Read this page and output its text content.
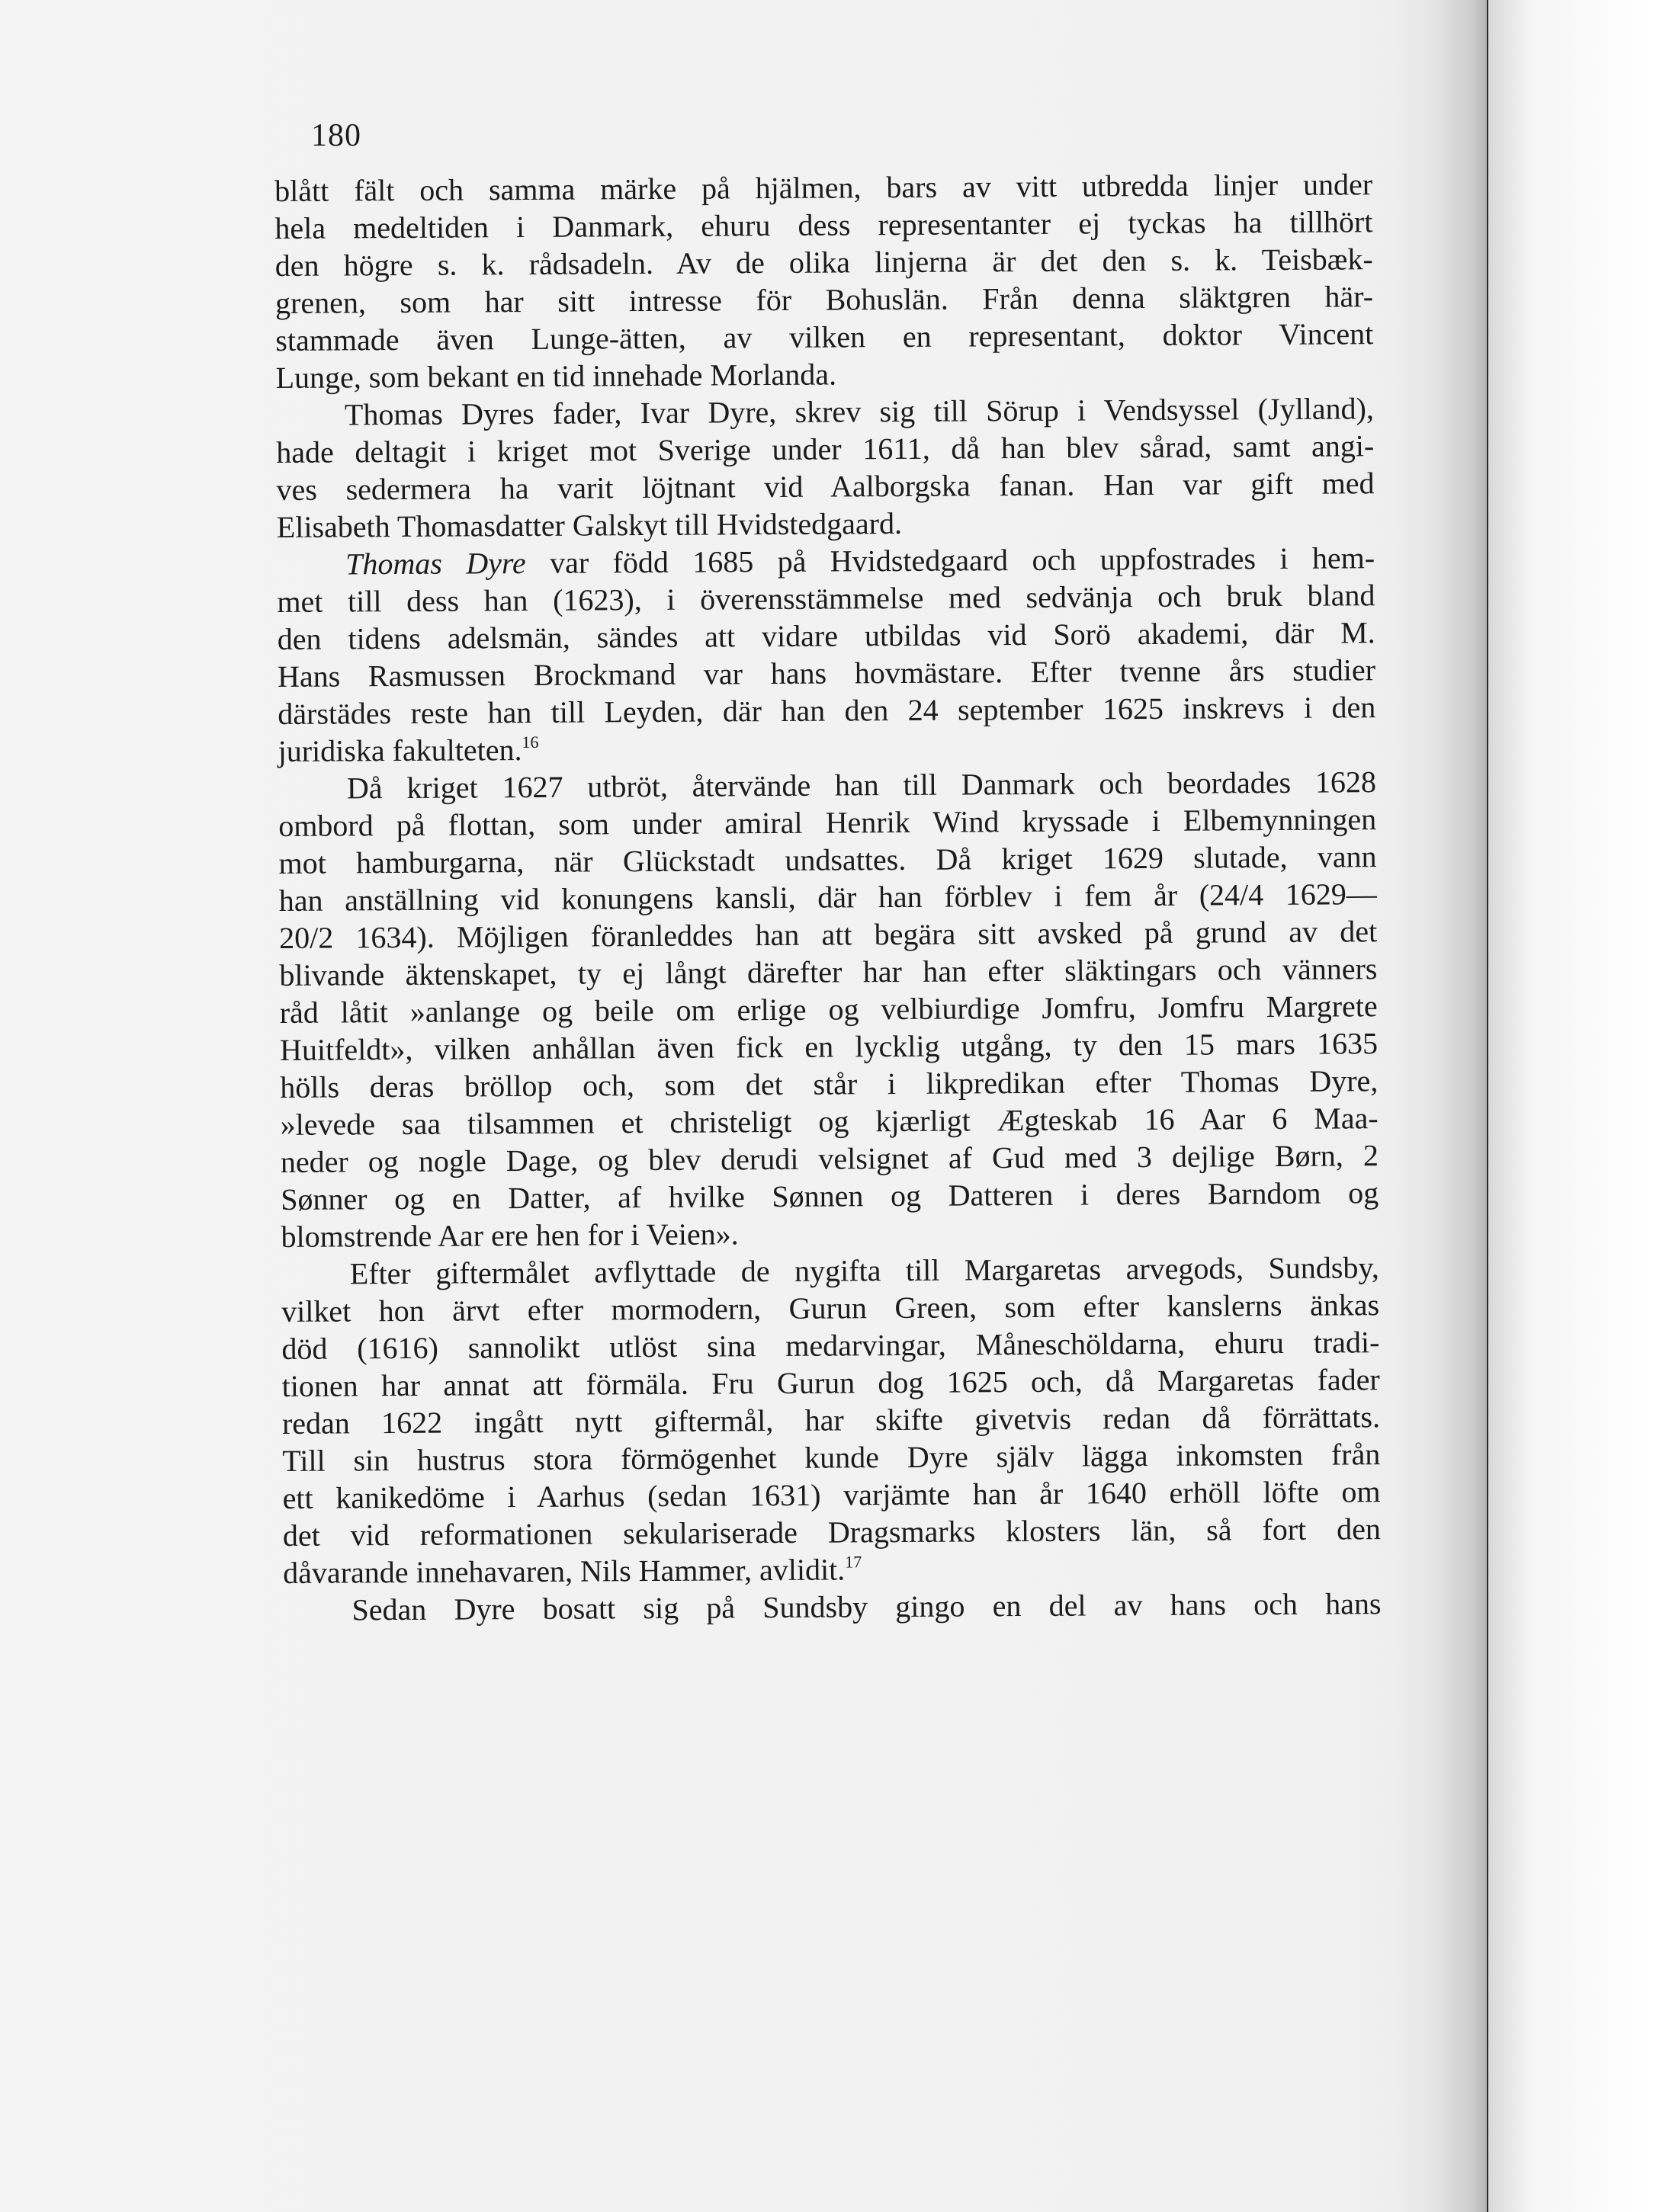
180
blått fält och samma märke på hjälmen, bars av vitt utbredda linjer under
hela medeltiden i Danmark, ehuru dess representanter ej tyckas ha tillhört
den högre s. k. rådsadeln. Av de olika linjerna är det den s. k. Teisbæk-
grenen, som har sitt intresse för Bohuslän. Från denna släktgren här-
stammade även Lunge-ätten, av vilken en representant, doktor Vincent
Lunge, som bekant en tid innehade Morlanda.
Thomas Dyres fader, Ivar Dyre, skrev sig till Sörup i Vendsyssel (Jylland),
hade deltagit i kriget mot Sverige under 1611, då han blev sårad, samt angi-
ves sedermera ha varit löjtnant vid Aalborgska fanan. Han var gift med
Elisabeth Thomasdatter Galskyt till Hvidstedgaard.
Thomas Dyre var född 1685 på Hvidstedgaard och uppfostrades i hem-
met till dess han (1623), i överensstämmelse med sedvänja och bruk bland
den tidens adelsmän, sändes att vidare utbildas vid Sorö akademi, där M.
Hans Rasmussen Brockmand var hans hovmästare. Efter tvenne års studier
därstädes reste han till Leyden, där han den 24 september 1625 inskrevs i den
juridiska fakulteten.$^{16}$
Då kriget 1627 utbröt, återvände han till Danmark och beordades 1628
ombord på flottan, som under amiral Henrik Wind kryssade i Elbemynningen
mot hamburgarna, när Glückstadt undsattes. Då kriget 1629 slutade, vann
han anställning vid konungens kansli, där han förblev i fem år (24/4 1629—
20/2 1634). Möjligen föranleddes han att begära sitt avsked på grund av det
blivande äktenskapet, ty ej långt därefter har han efter släktingars och vänners
råd låtit »anlange og beile om erlige og velbiurdige Jomfru, Jomfru Margrete
Huitfeldt», vilken anhållan även fick en lycklig utgång, ty den 15 mars 1635
hölls deras bröllop och, som det står i likpredikan efter Thomas Dyre,
»levede saa tilsammen et christeligt og kjærligt Ægteskab 16 Aar 6 Maa-
neder og nogle Dage, og blev derudi velsignet af Gud med 3 dejlige Børn, 2
Sønner og en Datter, af hvilke Sønnen og Datteren i deres Barndom og
blomstrende Aar ere hen for i Veien».
Efter giftermålet avflyttade de nygifta till Margaretas arvegods, Sundsby,
vilket hon ärvt efter mormodern, Gurun Green, som efter kanslerns änkas
död (1616) sannolikt utlöst sina medarvingar, Måneschöldarna, ehuru tradi-
tionen har annat att förmäla. Fru Gurun dog 1625 och, då Margaretas fader
redan 1622 ingått nytt giftermål, har skifte givetvis redan då förrättats.
Till sin hustrus stora förmögenhet kunde Dyre själv lägga inkomsten från
ett kanikedöme i Aarhus (sedan 1631) varjämte han år 1640 erhöll löfte om
det vid reformationen sekulariserade Dragsmarks klosters län, så fort den
dåvarande innehavaren, Nils Hammer, avlidit.$^{17}$
Sedan Dyre bosatt sig på Sundsby gingo en del av hans och hans
